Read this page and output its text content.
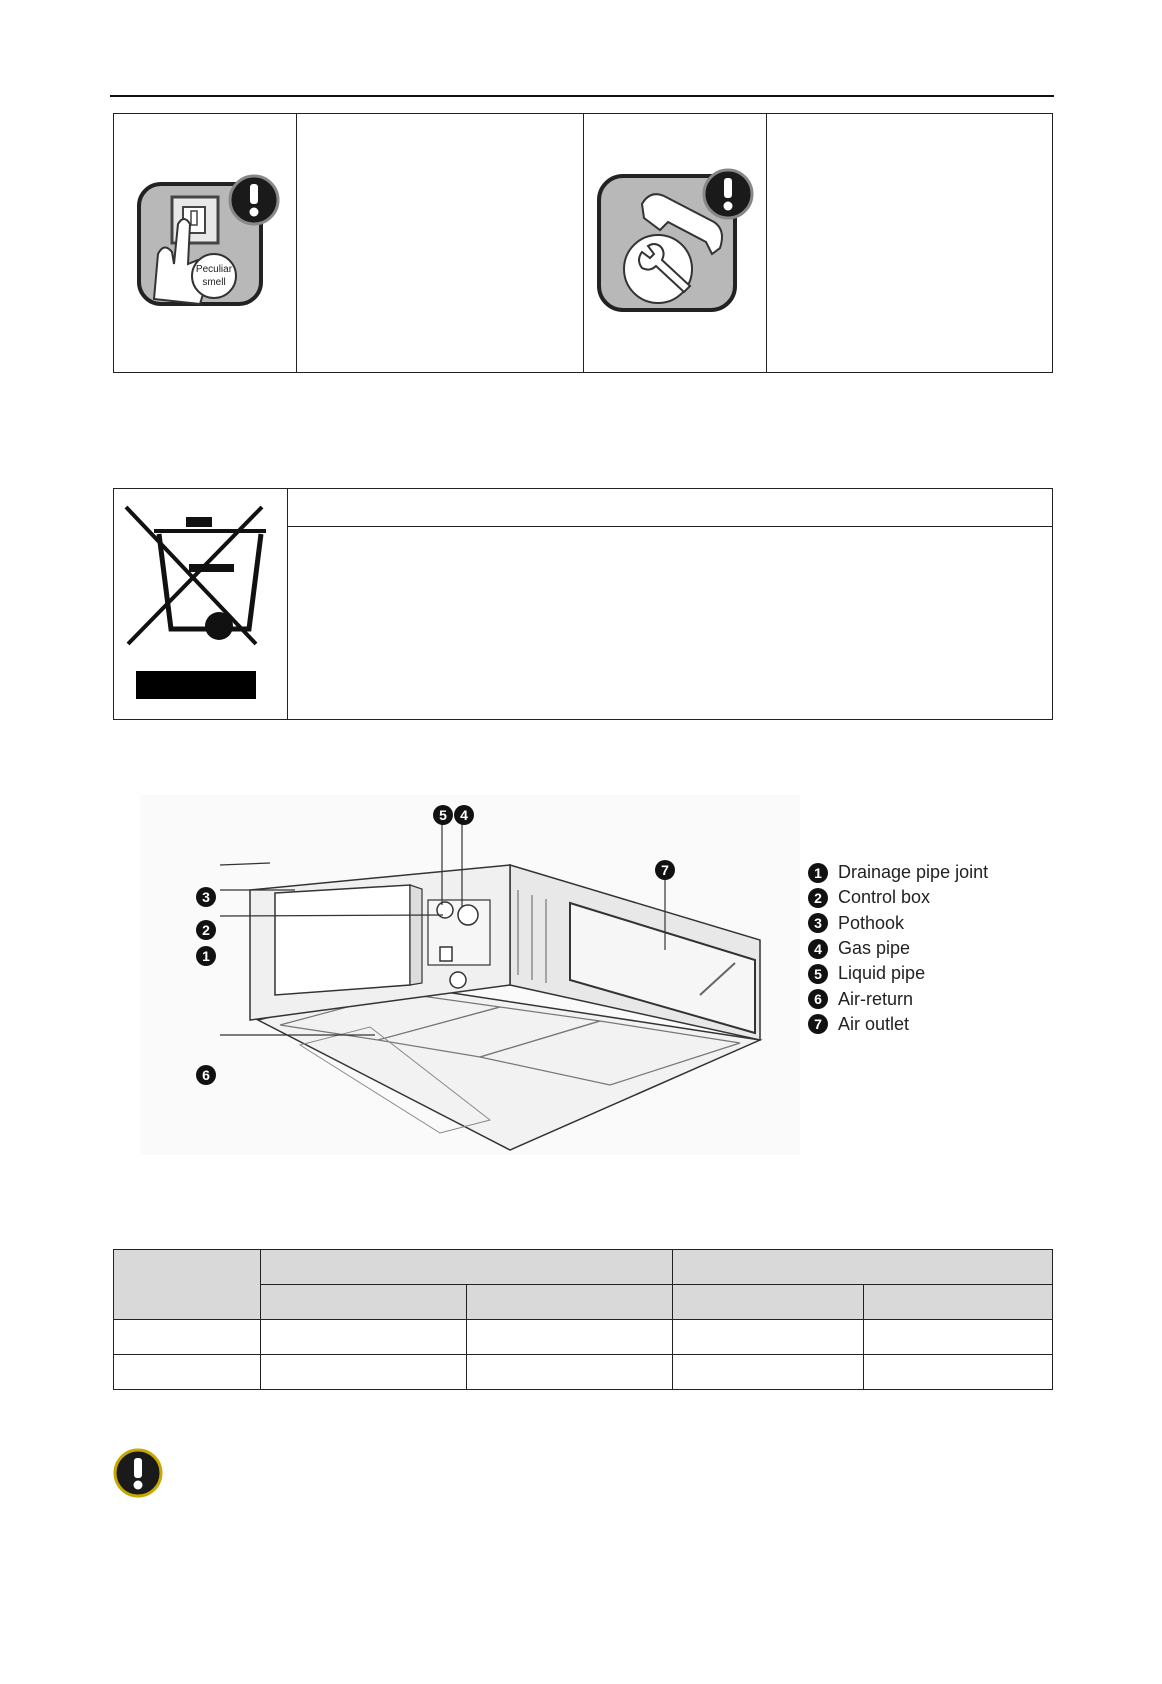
Peculiar
smell

3
2
1
6
5 4
7	1 Drainage pipe joint
2 Control box
3 Pothook
4 Gas pipe
5 Liquid pipe
6 Air-return
7 Air outlet
